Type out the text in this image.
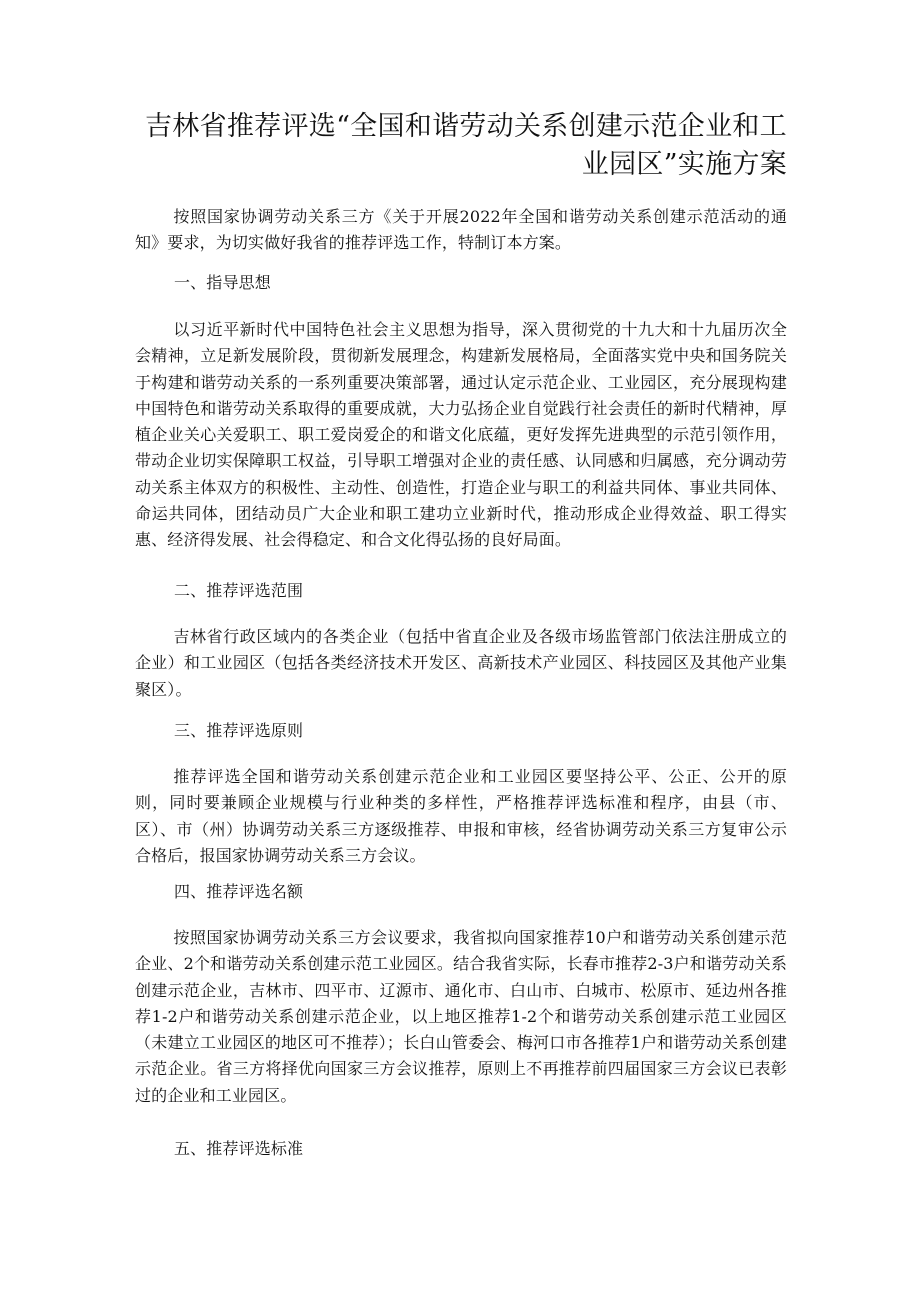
吉林省推荐评选“全国和谐劳动关系创建示范企业和工业园区”实施方案

按照国家协调劳动关系三方《关于开展2022年全国和谐劳动关系创建示范活动的通知》要求，为切实做好我省的推荐评选工作，特制订本方案。

一、指导思想

以习近平新时代中国特色社会主义思想为指导，深入贯彻党的十九大和十九届历次全会精神，立足新发展阶段，贯彻新发展理念，构建新发展格局，全面落实党中央和国务院关于构建和谐劳动关系的一系列重要决策部署，通过认定示范企业、工业园区，充分展现构建中国特色和谐劳动关系取得的重要成就，大力弘扬企业自觉践行社会责任的新时代精神，厚植企业关心关爱职工、职工爱岗爱企的和谐文化底蕴，更好发挥先进典型的示范引领作用，带动企业切实保障职工权益，引导职工增强对企业的责任感、认同感和归属感，充分调动劳动关系主体双方的积极性、主动性、创造性，打造企业与职工的利益共同体、事业共同体、命运共同体，团结动员广大企业和职工建功立业新时代，推动形成企业得效益、职工得实惠、经济得发展、社会得稳定、和合文化得弘扬的良好局面。

二、推荐评选范围

吉林省行政区域内的各类企业（包括中省直企业及各级市场监管部门依法注册成立的企业）和工业园区（包括各类经济技术开发区、高新技术产业园区、科技园区及其他产业集聚区）。

三、推荐评选原则

推荐评选全国和谐劳动关系创建示范企业和工业园区要坚持公平、公正、公开的原则，同时要兼顾企业规模与行业种类的多样性，严格推荐评选标准和程序，由县（市、区）、市（州）协调劳动关系三方逐级推荐、申报和审核，经省协调劳动关系三方复审公示合格后，报国家协调劳动关系三方会议。

四、推荐评选名额

按照国家协调劳动关系三方会议要求，我省拟向国家推荐10户和谐劳动关系创建示范企业、2个和谐劳动关系创建示范工业园区。结合我省实际，长春市推荐2-3户和谐劳动关系创建示范企业，吉林市、四平市、辽源市、通化市、白山市、白城市、松原市、延边州各推荐1-2户和谐劳动关系创建示范企业，以上地区推荐1-2个和谐劳动关系创建示范工业园区（未建立工业园区的地区可不推荐）；长白山管委会、梅河口市各推荐1户和谐劳动关系创建示范企业。省三方将择优向国家三方会议推荐，原则上不再推荐前四届国家三方会议已表彰过的企业和工业园区。

五、推荐评选标准
